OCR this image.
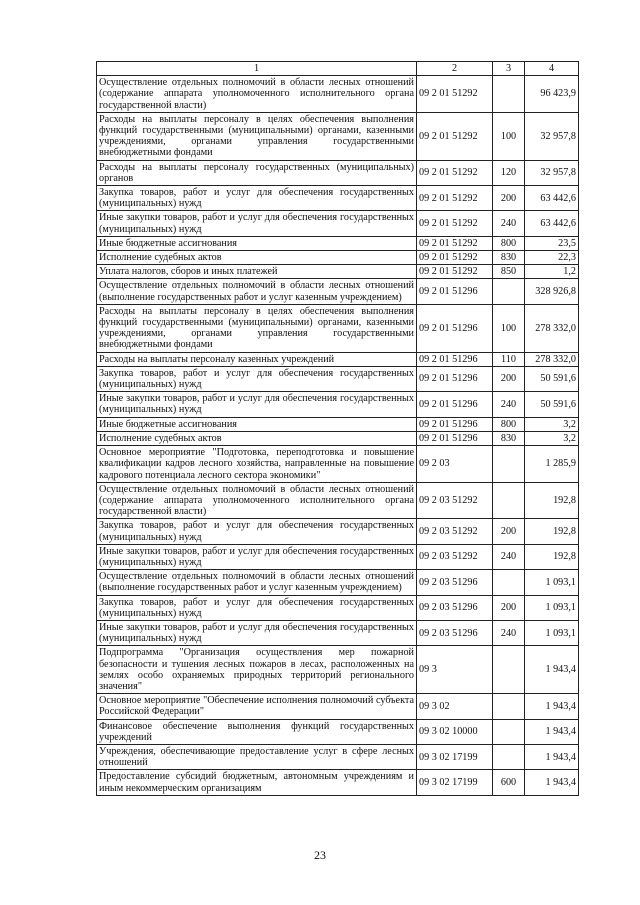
1	2	3	4
Осуществление отдельных полномочий в области лесных отношений (содержание аппарата уполномоченного исполнительного органа государственной власти)	09 2 01 51292		96 423,9
Расходы на выплаты персоналу в целях обеспечения выполнения функций государственными (муниципальными) органами, казенными учреждениями, органами управления государственными внебюджетными фондами	09 2 01 51292	100	32 957,8
Расходы на выплаты персоналу государственных (муниципальных) органов	09 2 01 51292	120	32 957,8
Закупка товаров, работ и услуг для обеспечения государственных (муниципальных) нужд	09 2 01 51292	200	63 442,6
Иные закупки товаров, работ и услуг для обеспечения государственных (муниципальных) нужд	09 2 01 51292	240	63 442,6
Иные бюджетные ассигнования	09 2 01 51292	800	23,5
Исполнение судебных актов	09 2 01 51292	830	22,3
Уплата налогов, сборов и иных платежей	09 2 01 51292	850	1,2
Осуществление отдельных полномочий в области лесных отношений (выполнение государственных работ и услуг казенным учреждением)	09 2 01 51296		328 926,8
Расходы на выплаты персоналу в целях обеспечения выполнения функций государственными (муниципальными) органами, казенными учреждениями, органами управления государственными внебюджетными фондами	09 2 01 51296	100	278 332,0
Расходы на выплаты персоналу казенных учреждений	09 2 01 51296	110	278 332,0
Закупка товаров, работ и услуг для обеспечения государственных (муниципальных) нужд	09 2 01 51296	200	50 591,6
Иные закупки товаров, работ и услуг для обеспечения государственных (муниципальных) нужд	09 2 01 51296	240	50 591,6
Иные бюджетные ассигнования	09 2 01 51296	800	3,2
Исполнение судебных актов	09 2 01 51296	830	3,2
Основное мероприятие "Подготовка, переподготовка и повышение квалификации кадров лесного хозяйства, направленные на повышение кадрового потенциала лесного сектора экономики"	09 2 03		1 285,9
Осуществление отдельных полномочий в области лесных отношений (содержание аппарата уполномоченного исполнительного органа государственной власти)	09 2 03 51292		192,8
Закупка товаров, работ и услуг для обеспечения государственных (муниципальных) нужд	09 2 03 51292	200	192,8
Иные закупки товаров, работ и услуг для обеспечения государственных (муниципальных) нужд	09 2 03 51292	240	192,8
Осуществление отдельных полномочий в области лесных отношений (выполнение государственных работ и услуг казенным учреждением)	09 2 03 51296		1 093,1
Закупка товаров, работ и услуг для обеспечения государственных (муниципальных) нужд	09 2 03 51296	200	1 093,1
Иные закупки товаров, работ и услуг для обеспечения государственных (муниципальных) нужд	09 2 03 51296	240	1 093,1
Подпрограмма "Организация осуществления мер пожарной безопасности и тушения лесных пожаров в лесах, расположенных на землях особо охраняемых природных территорий регионального значения"	09 3		1 943,4
Основное мероприятие "Обеспечение исполнения полномочий субъекта Российской Федерации"	09 3 02		1 943,4
Финансовое обеспечение выполнения функций государственных учреждений	09 3 02 10000		1 943,4
Учреждения, обеспечивающие предоставление услуг в сфере лесных отношений	09 3 02 17199		1 943,4
Предоставление субсидий бюджетным, автономным учреждениям и иным некоммерческим организациям	09 3 02 17199	600	1 943,4
23
